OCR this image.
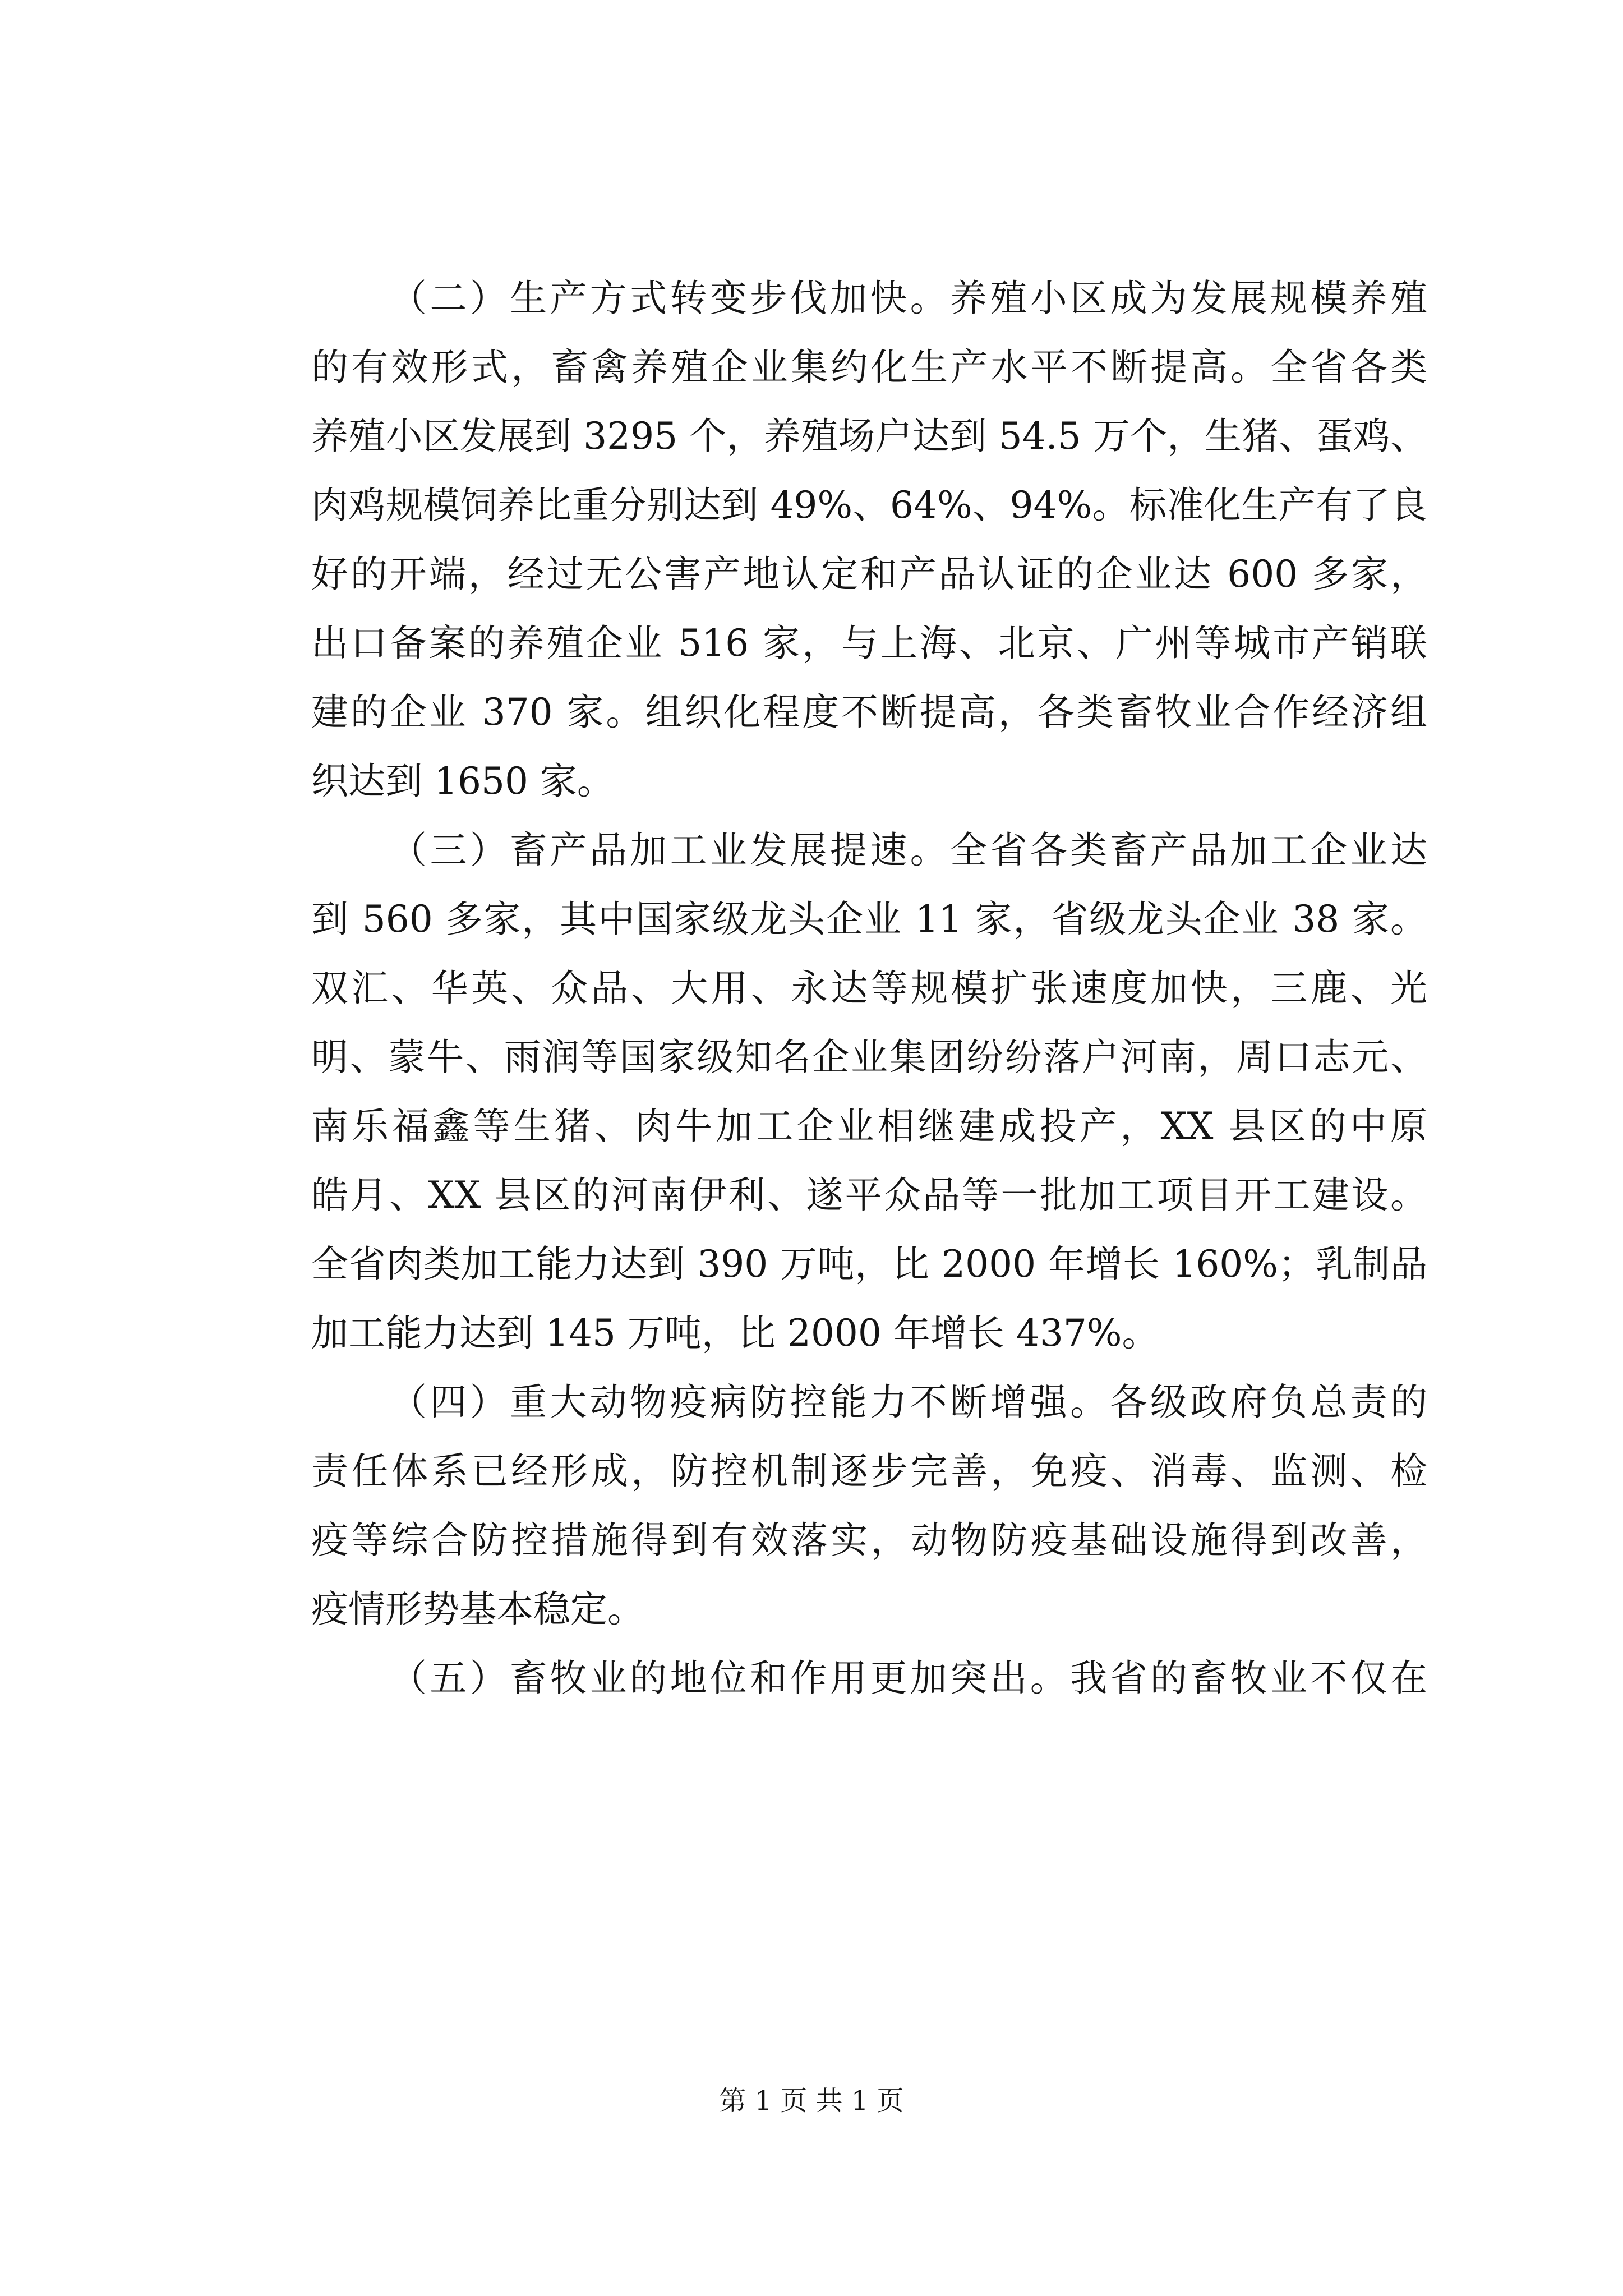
（二）生产方式转变步伐加快。养殖小区成为发展规模养殖
的有效形式，畜禽养殖企业集约化生产水平不断提高。全省各类
养殖小区发展到 3295 个，养殖场户达到 54.5 万个，生猪、蛋鸡、
肉鸡规模饲养比重分别达到 49%、64%、94%。标准化生产有了良
好的开端，经过无公害产地认定和产品认证的企业达 600 多家，
出口备案的养殖企业 516 家，与上海、北京、广州等城市产销联
建的企业 370 家。组织化程度不断提高，各类畜牧业合作经济组
织达到 1650 家。
（三）畜产品加工业发展提速。全省各类畜产品加工企业达
到 560 多家，其中国家级龙头企业 11 家，省级龙头企业 38 家。
双汇、华英、众品、大用、永达等规模扩张速度加快，三鹿、光
明、蒙牛、雨润等国家级知名企业集团纷纷落户河南，周口志元、
南乐福鑫等生猪、肉牛加工企业相继建成投产，XX 县区的中原
皓月、XX 县区的河南伊利、遂平众品等一批加工项目开工建设。
全省肉类加工能力达到 390 万吨，比 2000 年增长 160%；乳制品
加工能力达到 145 万吨，比 2000 年增长 437%。
（四）重大动物疫病防控能力不断增强。各级政府负总责的
责任体系已经形成，防控机制逐步完善，免疫、消毒、监测、检
疫等综合防控措施得到有效落实，动物防疫基础设施得到改善，
疫情形势基本稳定。
（五）畜牧业的地位和作用更加突出。我省的畜牧业不仅在
第 1 页 共 1 页
